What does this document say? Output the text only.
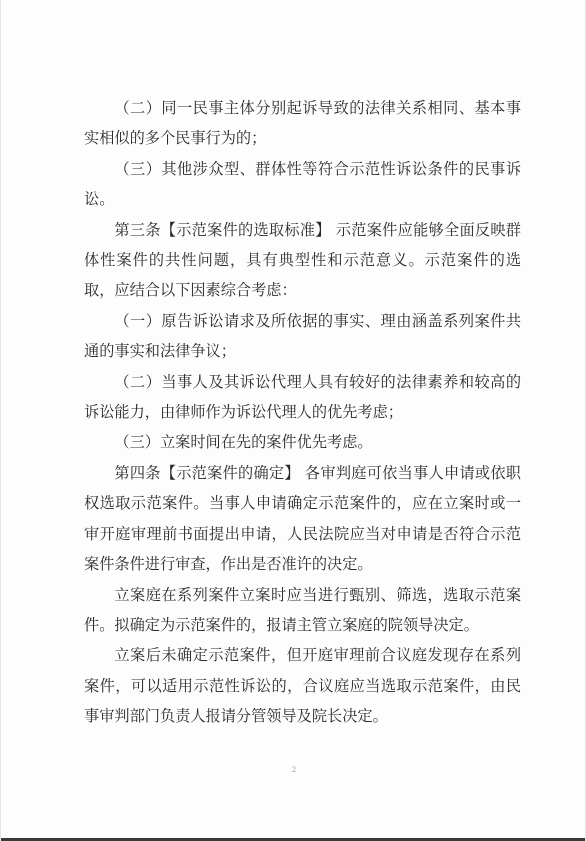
（二）同一民事主体分别起诉导致的法律关系相同、基本事实相似的多个民事行为的；

（三）其他涉众型、群体性等符合示范性诉讼条件的民事诉讼。

第三条【示范案件的选取标准】 示范案件应能够全面反映群体性案件的共性问题，具有典型性和示范意义。示范案件的选取，应结合以下因素综合考虑：

（一）原告诉讼请求及所依据的事实、理由涵盖系列案件共通的事实和法律争议；

（二）当事人及其诉讼代理人具有较好的法律素养和较高的诉讼能力，由律师作为诉讼代理人的优先考虑；

（三）立案时间在先的案件优先考虑。

第四条【示范案件的确定】 各审判庭可依当事人申请或依职权选取示范案件。当事人申请确定示范案件的，应在立案时或一审开庭审理前书面提出申请，人民法院应当对申请是否符合示范案件条件进行审查，作出是否准许的决定。

立案庭在系列案件立案时应当进行甄别、筛选，选取示范案件。拟确定为示范案件的，报请主管立案庭的院领导决定。

立案后未确定示范案件，但开庭审理前合议庭发现存在系列案件，可以适用示范性诉讼的，合议庭应当选取示范案件，由民事审判部门负责人报请分管领导及院长决定。

2
